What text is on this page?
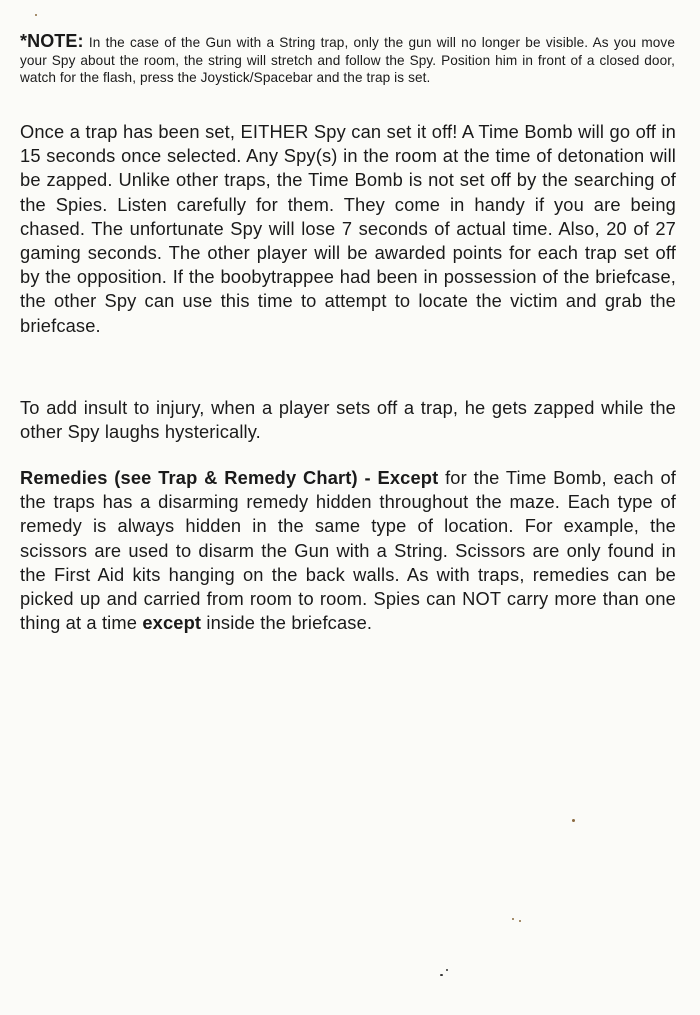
*NOTE: In the case of the Gun with a String trap, only the gun will no longer be visible. As you move your Spy about the room, the string will stretch and follow the Spy. Position him in front of a closed door, watch for the flash, press the Joystick/Spacebar and the trap is set.

Once a trap has been set, EITHER Spy can set it off! A Time Bomb will go off in 15 seconds once selected. Any Spy(s) in the room at the time of detonation will be zapped. Unlike other traps, the Time Bomb is not set off by the searching of the Spies. Listen carefully for them. They come in handy if you are being chased. The unfortunate Spy will lose 7 seconds of actual time. Also, 20 of 27 gaming seconds. The other player will be awarded points for each trap set off by the opposition. If the boobytrappee had been in possession of the briefcase, the other Spy can use this time to attempt to locate the victim and grab the briefcase.

To add insult to injury, when a player sets off a trap, he gets zapped while the other Spy laughs hysterically.

Remedies (see Trap & Remedy Chart) - Except for the Time Bomb, each of the traps has a disarming remedy hidden throughout the maze. Each type of remedy is always hidden in the same type of location. For example, the scissors are used to disarm the Gun with a String. Scissors are only found in the First Aid kits hanging on the back walls. As with traps, remedies can be picked up and carried from room to room. Spies can NOT carry more than one thing at a time except inside the briefcase.
